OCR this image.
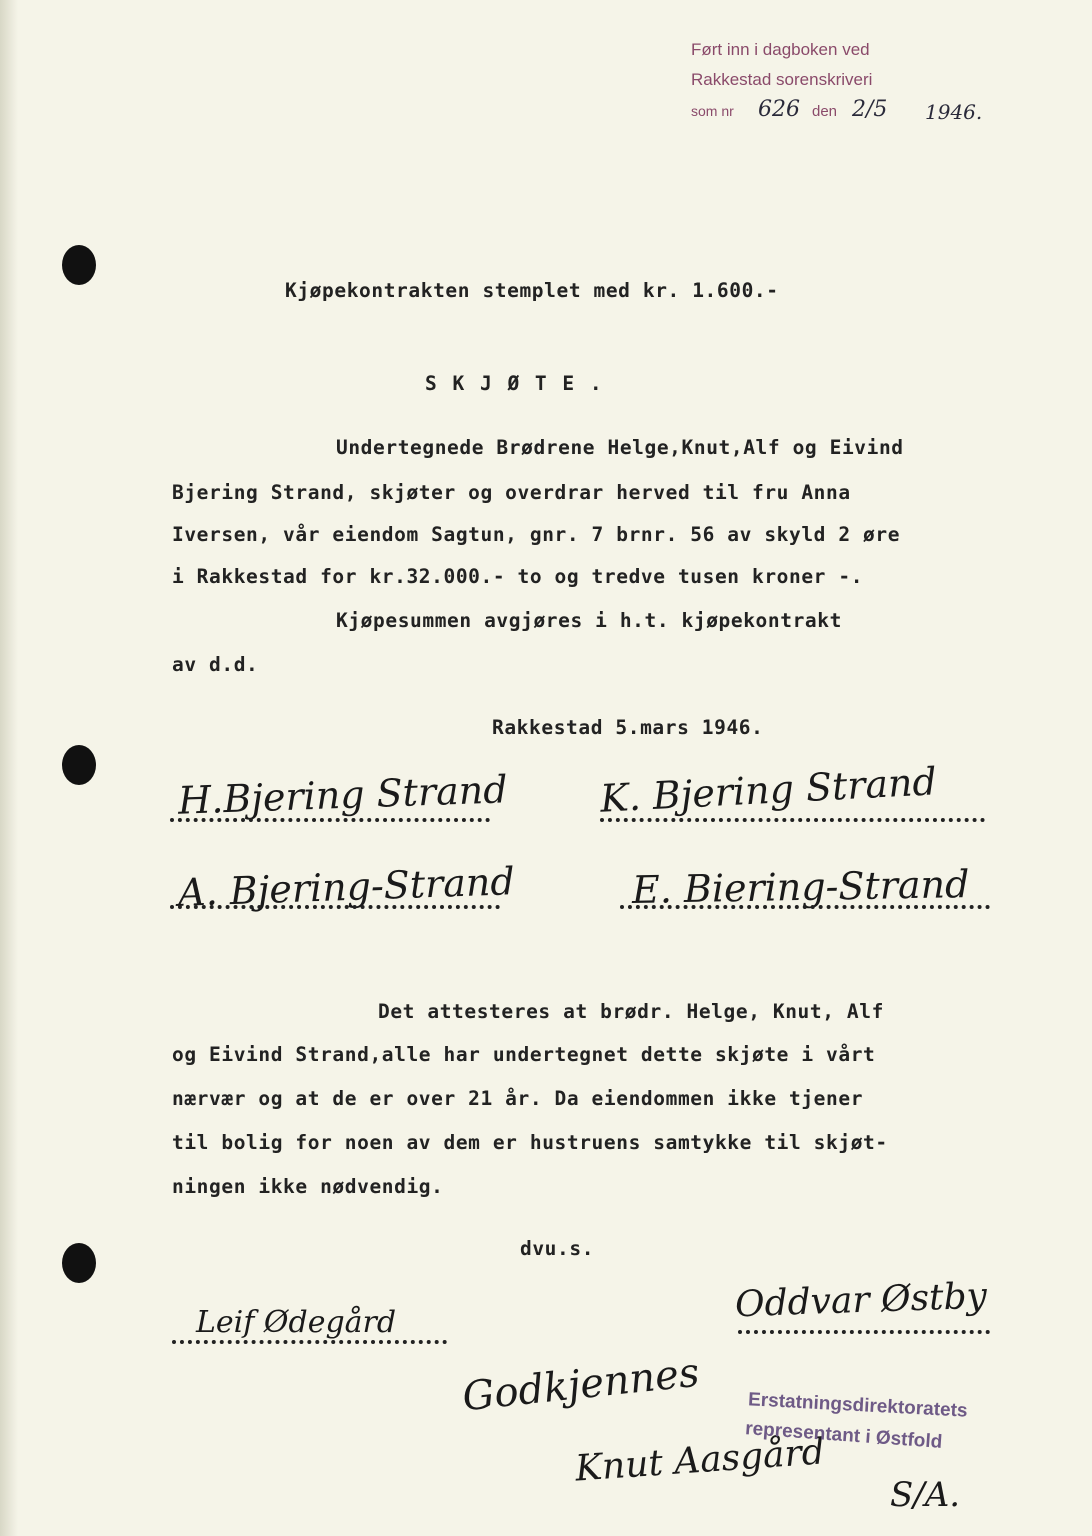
Ført inn i dagboken ved
Rakkestad sorenskriveri
som nr 626 den 2/5 1946.
Kjøpekontrakten stemplet med kr. 1.600.-
S K J Ø T E .
Undertegnede Brødrene Helge,Knut,Alf og Eivind
Bjering Strand, skjøter og overdrar herved til fru Anna
Iversen, vår eiendom Sagtun, gnr. 7 brnr. 56 av skyld 2 øre
i Rakkestad for kr.32.000.- to og tredve tusen kroner -.
Kjøpesummen avgjøres i h.t. kjøpekontrakt
av d.d.
Rakkestad 5.mars 1946.
H.Bjering Strand K. Bjering Strand
A. Bjering-Strand	E. Biering-Strand
Det attesteres at brødr. Helge, Knut, Alf
og Eivind Strand,alle har undertegnet dette skjøte i vårt
nærvær og at de er over 21 år. Da eiendommen ikke tjener
til bolig for noen av dem er hustruens samtykke til skjøt-
ningen ikke nødvendig.
dvu.s.
Leif Ødegård	Oddvar Østby
Godkjennes
Knut Aasgård
Erstatningsdirektoratets
representant i Østfold
S/A.
